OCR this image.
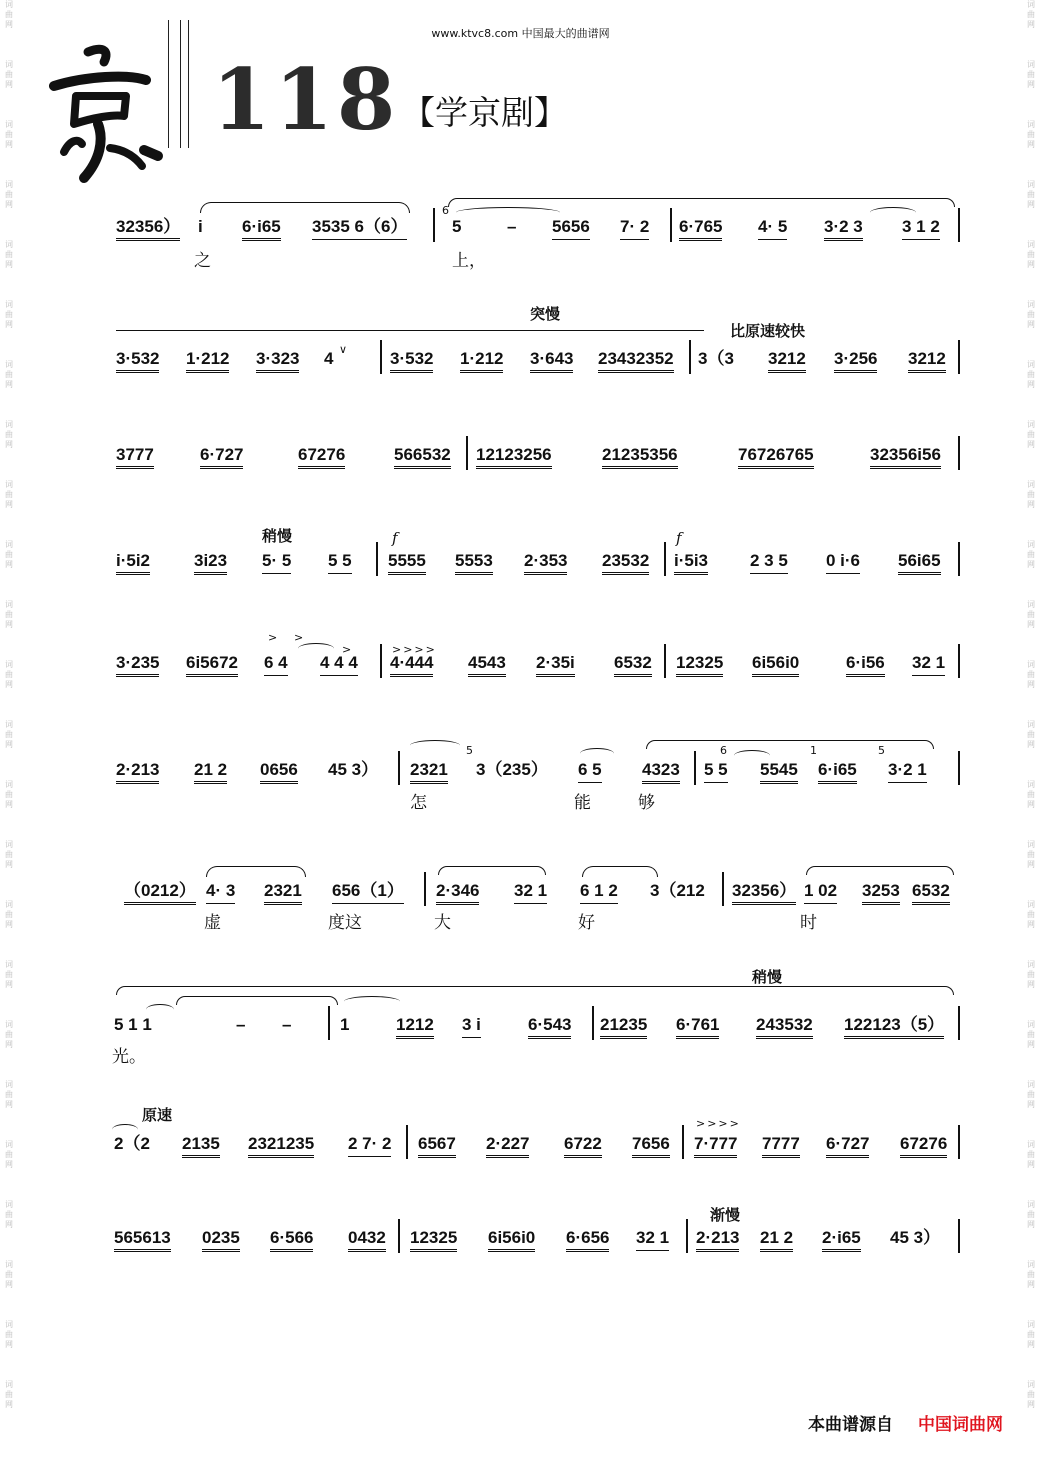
词
曲
网
词
曲
网
词
曲
网
词
曲
网
词
曲
网
词
曲
网
词
曲
网
词
曲
网
词
曲
网
词
曲
网
词
曲
网
词
曲
网
词
曲
网
词
曲
网
词
曲
网
词
曲
网
词
曲
网
词
曲
网
词
曲
网
词
曲
网
词
曲
网
词
曲
网
词
曲
网
词
曲
网
词
曲
网
词
曲
网
词
曲
网
词
曲
网
词
曲
网
词
曲
网
词
曲
网
词
曲
网
词
曲
网
词
曲
网
词
曲
网
词
曲
网
词
曲
网
词
曲
网
词
曲
网
词
曲
网
词
曲
网
词
曲
网
词
曲
网
词
曲
网
词
曲
网
词
曲
网
词
曲
网
词
曲
网
www.ktvc8.com 中国最大的曲谱网
118 【学京剧】
32356） i 6·i65 3535 6（6）
6
5	– 5656 7· 2 6·765 4· 5 3·2 3 3 1 2
之	上，
突慢
比原速较快
3·532 1·212 3·323 4 ∨	3·532 1·212 3·643 23432352 3（3 3212 3·256 3212
3777	6·727	67276	566532 12123256	21235356	76726765	32356i56
稍慢	f	f
i·5i2	3i23 5· 5 5 5 5555 5553 2·353 23532 i·5i3 2 3 5 0 i·6 56i65
> >
>	>>>>
3·235 6i5672 6 4 4 4 4 4·444 4543 2·35i 6532 12325 6i56i0	6·i56 32 1
5	6	1	5
2·213 21 2 0656 45 3） 2321 3（235） 6 5 4323 5 5 5545 6·i65 3·2 1
怎	能	够
（0212） 4· 3 2321 656（1） 2·346 32 1 6 1 2 3（212 32356） 1 02 3253 6532
虚	度这	大	好	时
稍慢
5 1 1	– –	1	1212 3 i	6·543 21235 6·761 243532 122123（5）
光。
原速	>>>>
2（2 2135 2321235 2 7· 2 6567 2·227 6722 7656 7·777 7777 6·727 67276
渐慢
565613 0235 6·566 0432 12325 6i56i0 6·656 32 1 2·213 21 2 2·i65 45 3）
本曲谱源自 中国词曲网
